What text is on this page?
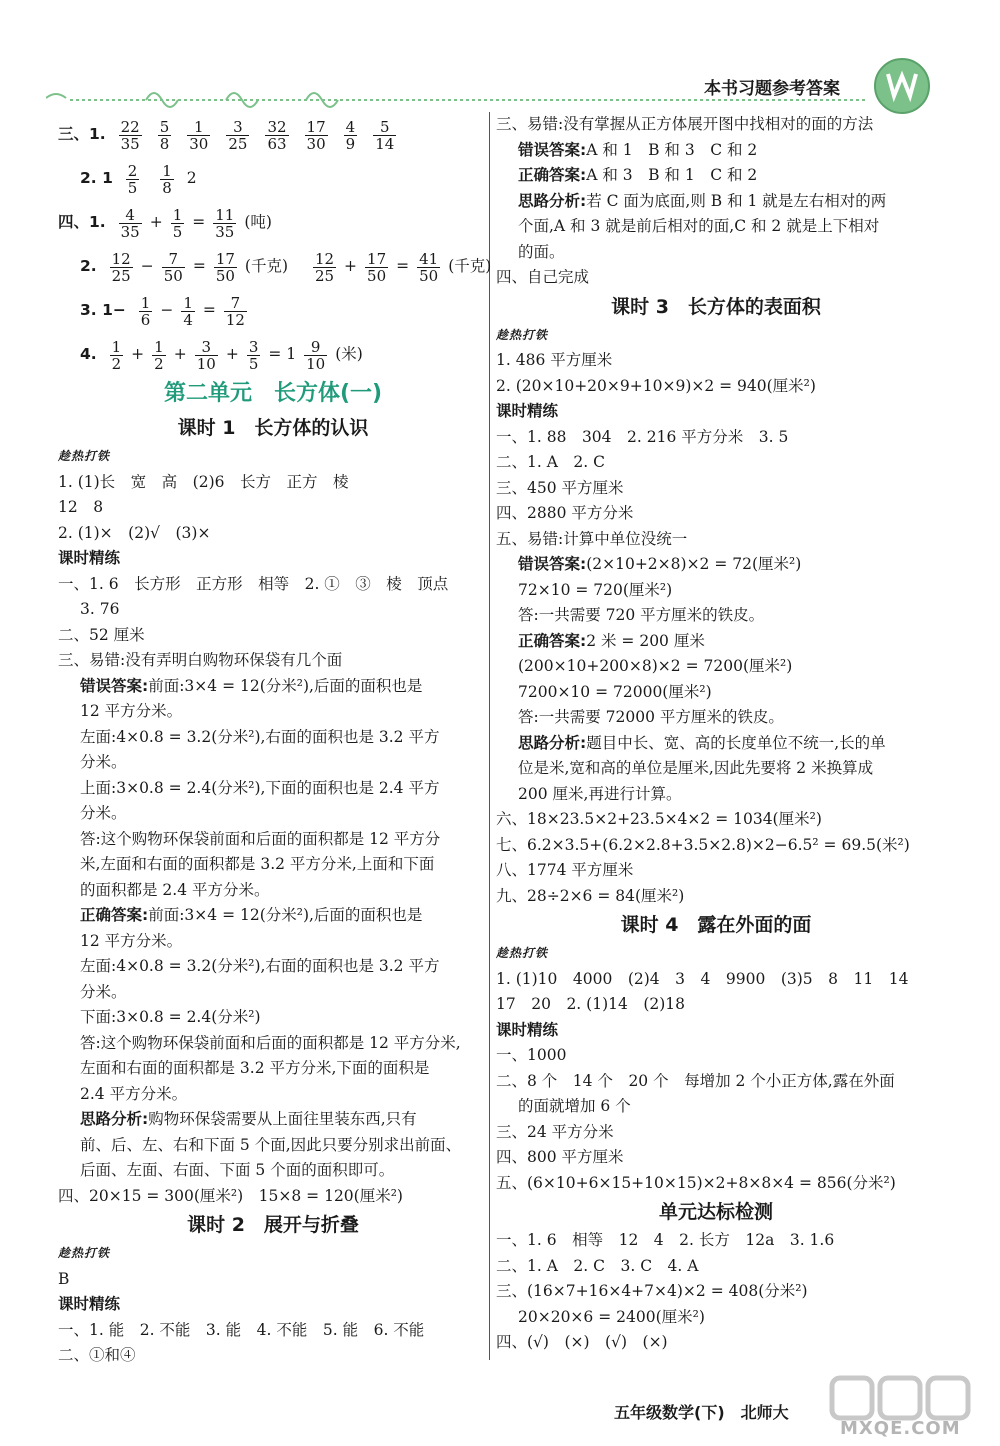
本书习题参考答案
三、1. $\frac{22}{35} \frac{5}{8} \frac{1}{30} \frac{3}{25} \frac{32}{63} \frac{17}{30} \frac{4}{9} \frac{5}{14}$
2. $1 \frac{2}{5}$
$\frac{1}{8} 2$
四、1. $\frac{4}{35} + \frac{1}{5} = \frac{11}{35}$ (吨)
2. $\frac{12}{25} - \frac{7}{50} = \frac{17}{50}$ (千克) $\frac{12}{25} + \frac{17}{50} = \frac{41}{50}$ (千克)
3. $1- \frac{1}{6} - \frac{1}{4} = \frac{7}{12}$
4. $\frac{1}{2} + \frac{1}{2} + \frac{3}{10} + \frac{3}{5} = 1 \frac{9}{10}$ (米)
第二单元　长方体(一)
课时 1　长方体的认识
趁热打铁
1. (1)长　宽　高　(2)6　长方　正方　棱
12　8
2. (1)×　(2)√　(3)×
课时精练
一、1. 6　长方形　正方形　相等　2. ①　③　棱　顶点
3. 76
二、52 厘米
三、易错:没有弄明白购物环保袋有几个面
错误答案:前面:3×4 = 12(分米²),后面的面积也是
12 平方分米。
左面:4×0.8 = 3.2(分米²),右面的面积也是 3.2 平方
分米。
上面:3×0.8 = 2.4(分米²),下面的面积也是 2.4 平方
分米。
答:这个购物环保袋前面和后面的面积都是 12 平方分
米,左面和右面的面积都是 3.2 平方分米,上面和下面
的面积都是 2.4 平方分米。
正确答案:前面:3×4 = 12(分米²),后面的面积也是
12 平方分米。
左面:4×0.8 = 3.2(分米²),右面的面积也是 3.2 平方
分米。
下面:3×0.8 = 2.4(分米²)
答:这个购物环保袋前面和后面的面积都是 12 平方分米,
左面和右面的面积都是 3.2 平方分米,下面的面积是
2.4 平方分米。
思路分析:购物环保袋需要从上面往里装东西,只有
前、后、左、右和下面 5 个面,因此只要分别求出前面、
后面、左面、右面、下面 5 个面的面积即可。
四、20×15 = 300(厘米²)　15×8 = 120(厘米²)
课时 2　展开与折叠
趁热打铁
B
课时精练
一、1. 能　2. 不能　3. 能　4. 不能　5. 能　6. 不能
二、①和④
三、易错:没有掌握从正方体展开图中找相对的面的方法
错误答案:A 和 1　B 和 3　C 和 2
正确答案:A 和 3　B 和 1　C 和 2
思路分析:若 C 面为底面,则 B 和 1 就是左右相对的两
个面,A 和 3 就是前后相对的面,C 和 2 就是上下相对
的面。
四、自己完成
课时 3　长方体的表面积
趁热打铁
1. 486 平方厘米
2. (20×10+20×9+10×9)×2 = 940(厘米²)
课时精练
一、1. 88　304　2. 216 平方分米　3. 5
二、1. A　2. C
三、450 平方厘米
四、2880 平方分米
五、易错:计算中单位没统一
错误答案:(2×10+2×8)×2 = 72(厘米²)
72×10 = 720(厘米²)
答:一共需要 720 平方厘米的铁皮。
正确答案:2 米 = 200 厘米
(200×10+200×8)×2 = 7200(厘米²)
7200×10 = 72000(厘米²)
答:一共需要 72000 平方厘米的铁皮。
思路分析:题目中长、宽、高的长度单位不统一,长的单
位是米,宽和高的单位是厘米,因此先要将 2 米换算成
200 厘米,再进行计算。
六、18×23.5×2+23.5×4×2 = 1034(厘米²)
七、6.2×3.5+(6.2×2.8+3.5×2.8)×2−6.5² = 69.5(米²)
八、1774 平方厘米
九、28÷2×6 = 84(厘米²)
课时 4　露在外面的面
趁热打铁
1. (1)10　4000　(2)4　3　4　9900　(3)5　8　11　14
17　20　2. (1)14　(2)18
课时精练
一、1000
二、8 个　14 个　20 个　每增加 2 个小正方体,露在外面
的面就增加 6 个
三、24 平方分米
四、800 平方厘米
五、(6×10+6×15+10×15)×2+8×8×4 = 856(分米²)
单元达标检测
一、1. 6　相等　12　4　2. 长方　12a　3. 1.6
二、1. A　2. C　3. C　4. A
三、(16×7+16×4+7×4)×2 = 408(分米²)
20×20×6 = 2400(厘米²)
四、(√)　(×)　(√)　(×)
五年级数学(下)　北师大
MXQE.COM
